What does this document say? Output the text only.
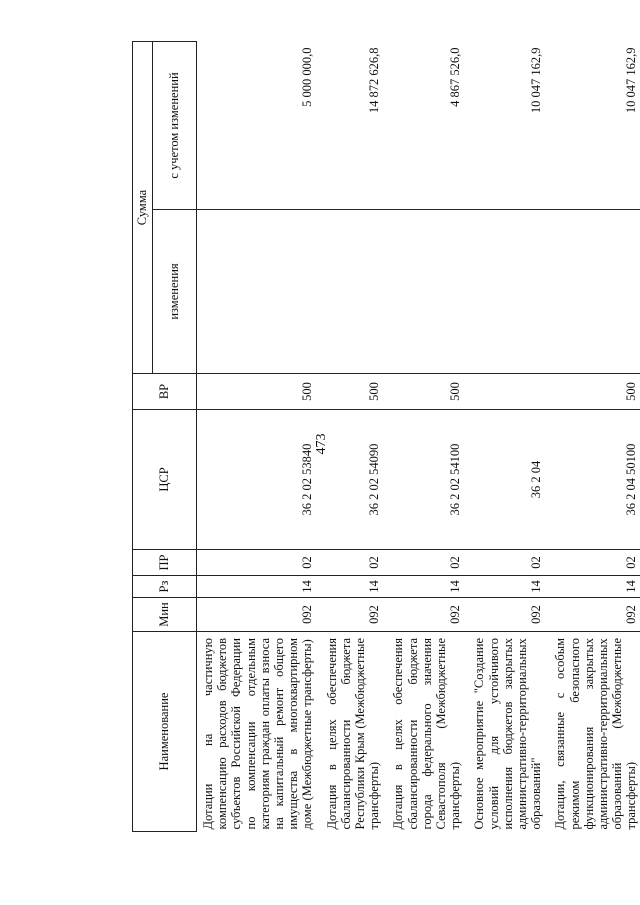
473
Наименование	Мин	Рз	ПР	ЦСР	ВР	Сумма	
						изменения	с учетом изменений
Дотации на частичную компенсацию расходов бюджетов субъектов Российской Федерации по компенсации отдельным категориям граждан оплаты взноса на капитальный ремонт общего имущества в многоквартирном доме (Межбюджетные трансферты)	092	14	02	36 2 02 53840	500		5 000 000,0
Дотация в целях обеспечения сбалансированности бюджета Республики Крым (Межбюджетные трансферты)	092	14	02	36 2 02 54090	500		14 872 626,8
Дотация в целях обеспечения сбалансированности бюджета города федерального значения Севастополя (Межбюджетные трансферты)	092	14	02	36 2 02 54100	500		4 867 526,0
Основное мероприятие "Создание условий для устойчивого исполнения бюджетов закрытых административно-территориальных образований"	092	14	02	36 2 04			10 047 162,9
Дотации, связанные с особым режимом безопасного функционирования закрытых административно-территориальных образований (Межбюджетные трансферты)	092	14	02	36 2 04 50100	500		10 047 162,9
